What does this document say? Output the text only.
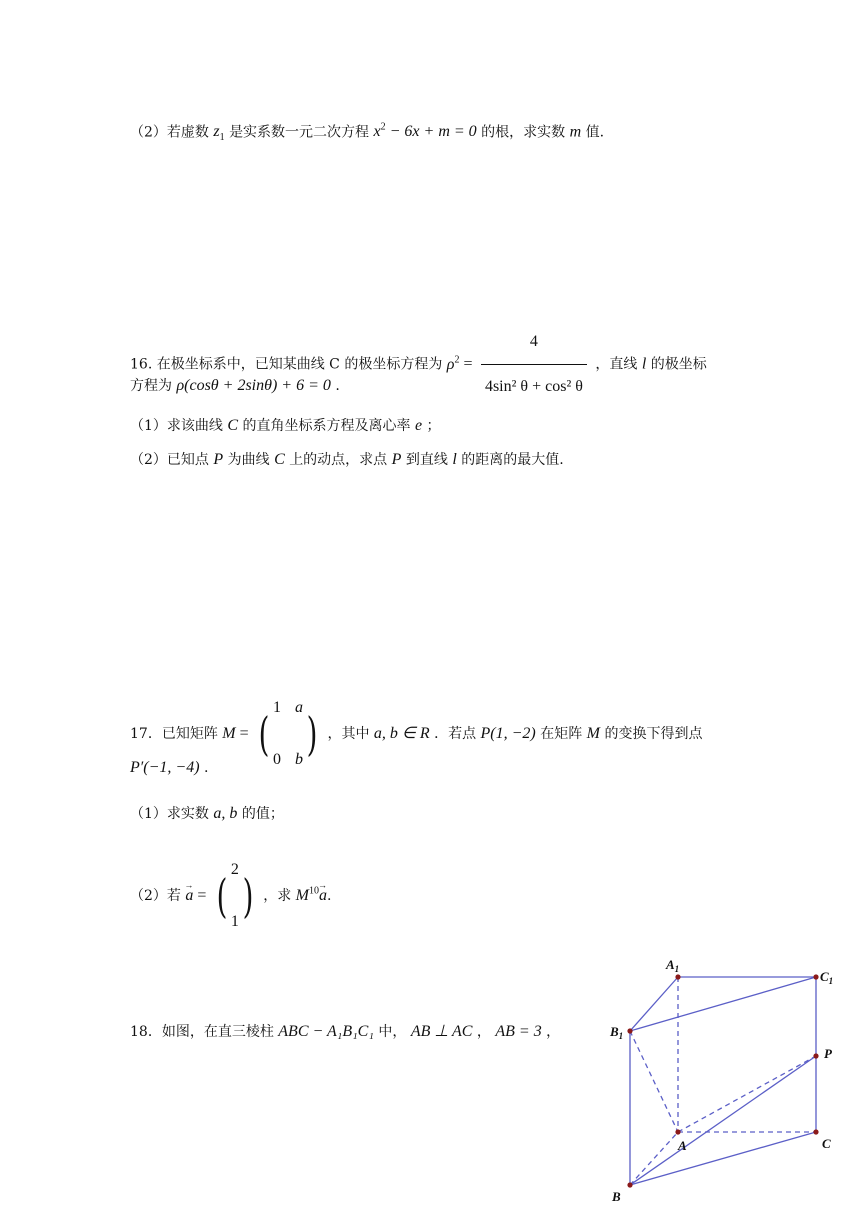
（2）若虚数 $z_1$ 是实系数一元二次方程 $x^2 - 6x + m = 0$ 的根，求实数 m 值.
16. 在极坐标系中，已知某曲线 C 的极坐标方程为 $\rho^2 = \frac{4}{\text{4sin² θ + cos² θ}}$ ，直线 l 的极坐标
方程为 ρ(cosθ + 2sinθ) + 6 = 0 .
（1）求该曲线 C 的直角坐标系方程及离心率 e ；
（2）已知点 P 为曲线 C 上的动点，求点 P 到直线 l 的距离的最大值.
17．已知矩阵 M = ( 1 a
0 b ) ，其中 a, b ∈ R ．若点 P(1, −2) 在矩阵 M 的变换下得到点
P′(−1, −4) .
（1）求实数 a, b 的值；
（2）若 → a = ( 2
1 ) ，求 $M^{10}\to a$.
18．如图，在直三棱柱 ABC − A₁B₁C₁ 中， AB ⊥ AC ， AB = 3 ，
$A_1$	$C_1$
$B_1$
P
A	C
B
